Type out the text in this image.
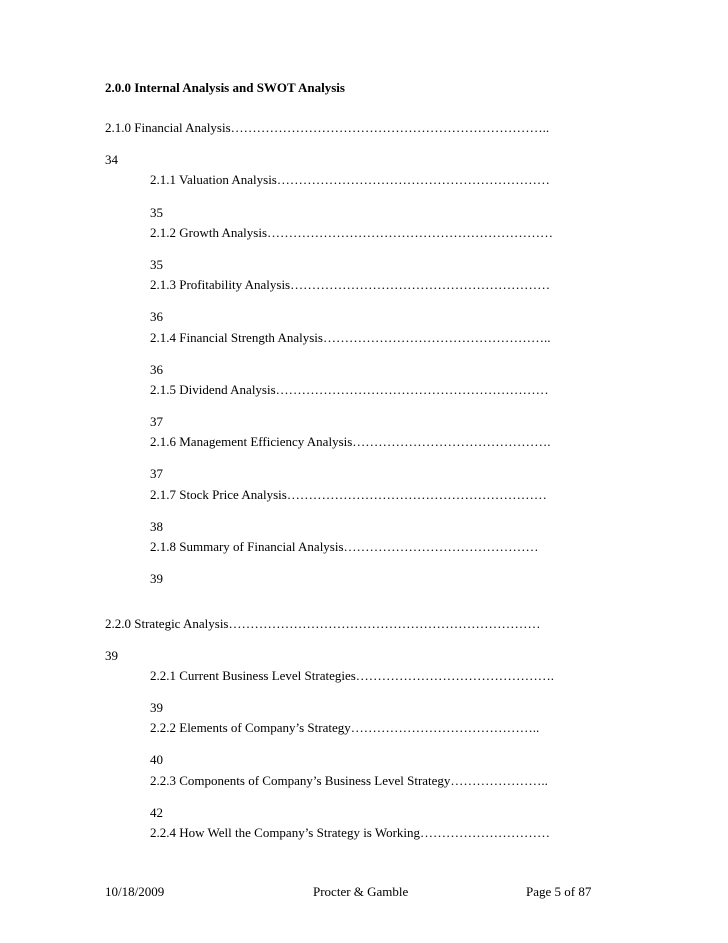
2.0.0 Internal Analysis and SWOT Analysis
2.1.0 Financial Analysis………………………………………………………………..
34
2.1.1 Valuation Analysis………………………………………………………
35
2.1.2 Growth Analysis…………………………………………………………
35
2.1.3 Profitability Analysis……………………………………………………
36
2.1.4 Financial Strength Analysis……………………………………………..
36
2.1.5 Dividend Analysis………………………………………………………
37
2.1.6 Management Efficiency Analysis……………………………………….
37
2.1.7 Stock Price Analysis……………………………………………………
38
2.1.8 Summary of Financial Analysis………………………………………
39
2.2.0 Strategic Analysis………………………………………………………………
39
2.2.1 Current Business Level Strategies……………………………………….
39
2.2.2 Elements of Company’s Strategy……………………………………..
40
2.2.3 Components of Company’s Business Level Strategy…………………..
42
2.2.4 How Well the Company’s Strategy is Working…………………………
10/18/2009	Procter & Gamble	Page 5 of 87
